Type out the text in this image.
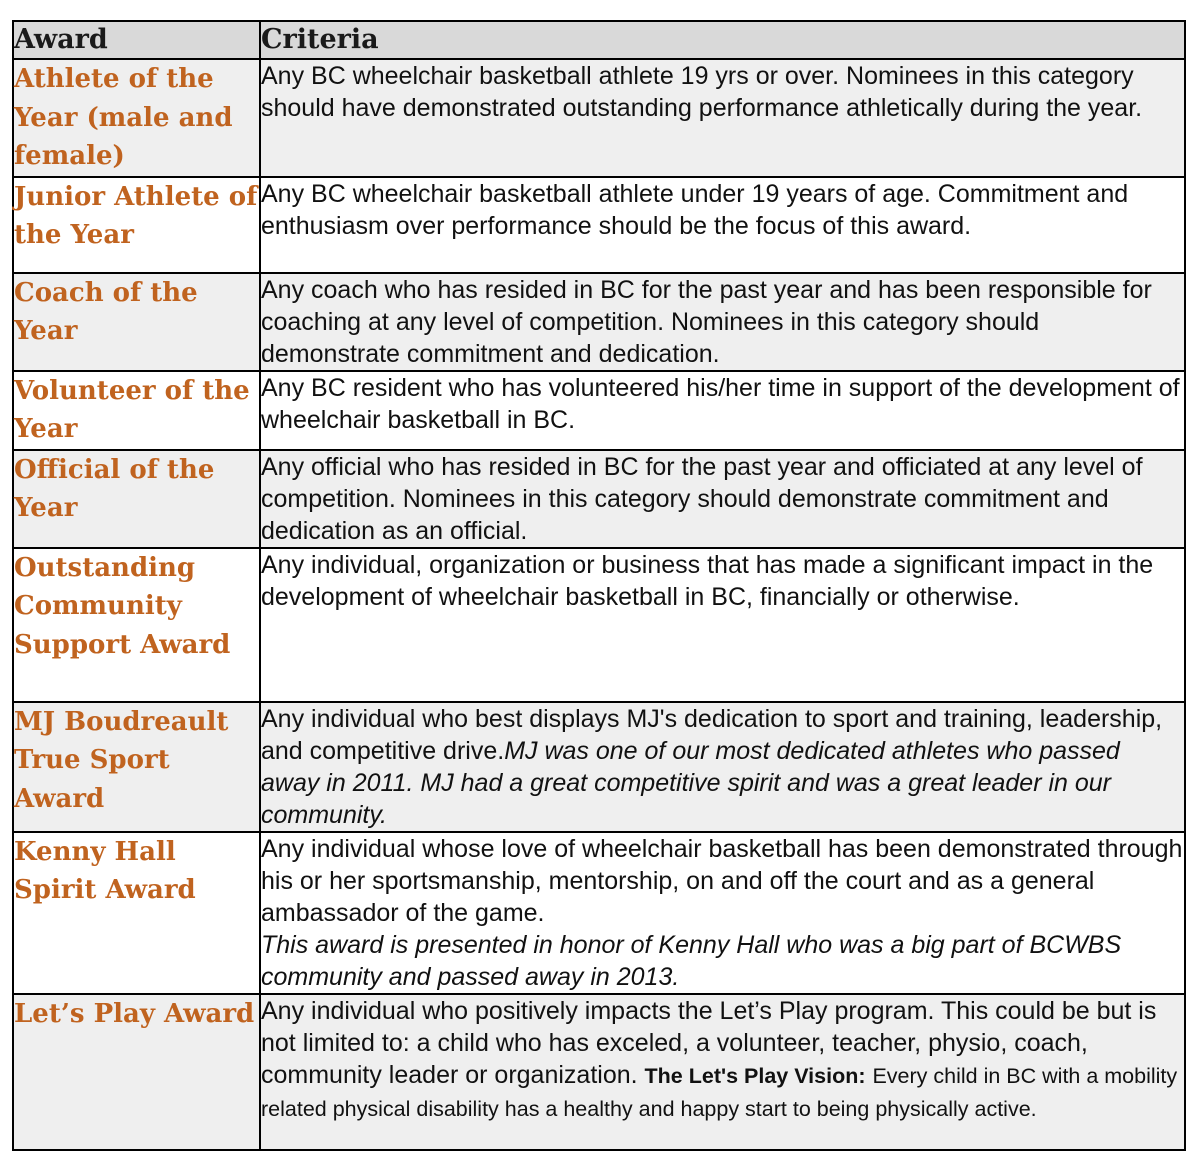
Award	Criteria
Athlete of the Year (male and female)	Any BC wheelchair basketball athlete 19 yrs or over. Nominees in this category should have demonstrated outstanding performance athletically during the year.
Junior Athlete of the Year	Any BC wheelchair basketball athlete under 19 years of age. Commitment and enthusiasm over performance should be the focus of this award.
Coach of the Year	Any coach who has resided in BC for the past year and has been responsible for coaching at any level of competition. Nominees in this category should demonstrate commitment and dedication.
Volunteer of the Year	Any BC resident who has volunteered his/her time in support of the development of wheelchair basketball in BC.
Official of the Year	Any official who has resided in BC for the past year and officiated at any level of competition. Nominees in this category should demonstrate commitment and dedication as an official.
Outstanding Community Support Award	Any individual, organization or business that has made a significant impact in the development of wheelchair basketball in BC, financially or otherwise.
MJ Boudreault True Sport Award	Any individual who best displays MJ's dedication to sport and training, leadership, and competitive drive.MJ was one of our most dedicated athletes who passed away in 2011. MJ had a great competitive spirit and was a great leader in our community.
Kenny Hall Spirit Award	Any individual whose love of wheelchair basketball has been demonstrated through his or her sportsmanship, mentorship, on and off the court and as a general ambassador of the game.
This award is presented in honor of Kenny Hall who was a big part of BCWBS community and passed away in 2013.
Let’s Play Award	Any individual who positively impacts the Let’s Play program. This could be but is not limited to: a child who has exceled, a volunteer, teacher, physio, coach, community leader or organization. The Let's Play Vision: Every child in BC with a mobility related physical disability has a healthy and happy start to being physically active.
